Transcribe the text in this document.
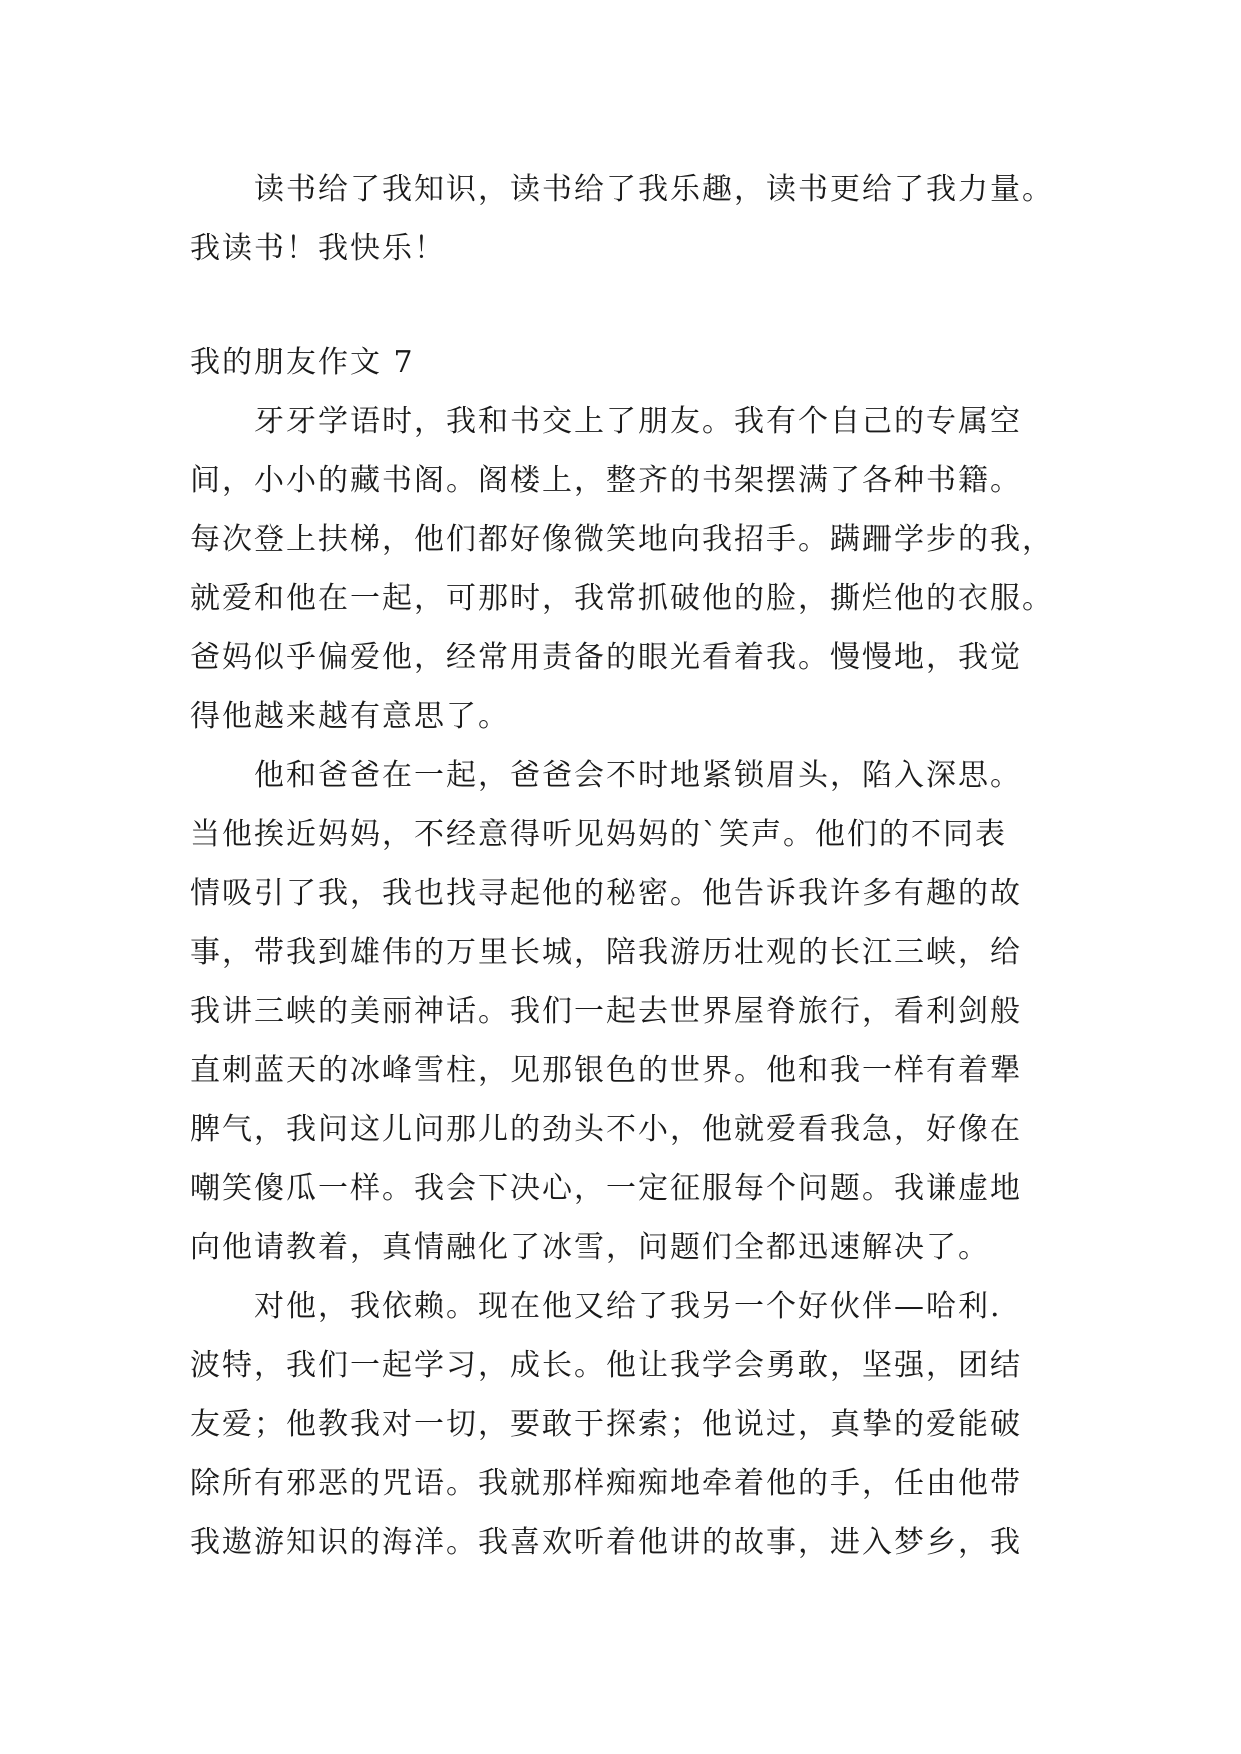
读书给了我知识，读书给了我乐趣，读书更给了我力量。
我读书！我快乐！
我的朋友作文 7
牙牙学语时，我和书交上了朋友。我有个自己的专属空
间，小小的藏书阁。阁楼上，整齐的书架摆满了各种书籍。
每次登上扶梯，他们都好像微笑地向我招手。蹒跚学步的我，
就爱和他在一起，可那时，我常抓破他的脸，撕烂他的衣服。
爸妈似乎偏爱他，经常用责备的眼光看着我。慢慢地，我觉
得他越来越有意思了。
他和爸爸在一起，爸爸会不时地紧锁眉头，陷入深思。
当他挨近妈妈，不经意得听见妈妈的`笑声。他们的不同表
情吸引了我，我也找寻起他的秘密。他告诉我许多有趣的故
事，带我到雄伟的万里长城，陪我游历壮观的长江三峡，给
我讲三峡的美丽神话。我们一起去世界屋脊旅行，看利剑般
直刺蓝天的冰峰雪柱，见那银色的世界。他和我一样有着犟
脾气，我问这儿问那儿的劲头不小，他就爱看我急，好像在
嘲笑傻瓜一样。我会下决心，一定征服每个问题。我谦虚地
向他请教着，真情融化了冰雪，问题们全都迅速解决了。
对他，我依赖。现在他又给了我另一个好伙伴—哈利.
波特，我们一起学习，成长。他让我学会勇敢，坚强，团结
友爱；他教我对一切，要敢于探索；他说过，真挚的爱能破
除所有邪恶的咒语。我就那样痴痴地牵着他的手，任由他带
我遨游知识的海洋。我喜欢听着他讲的故事，进入梦乡，我
